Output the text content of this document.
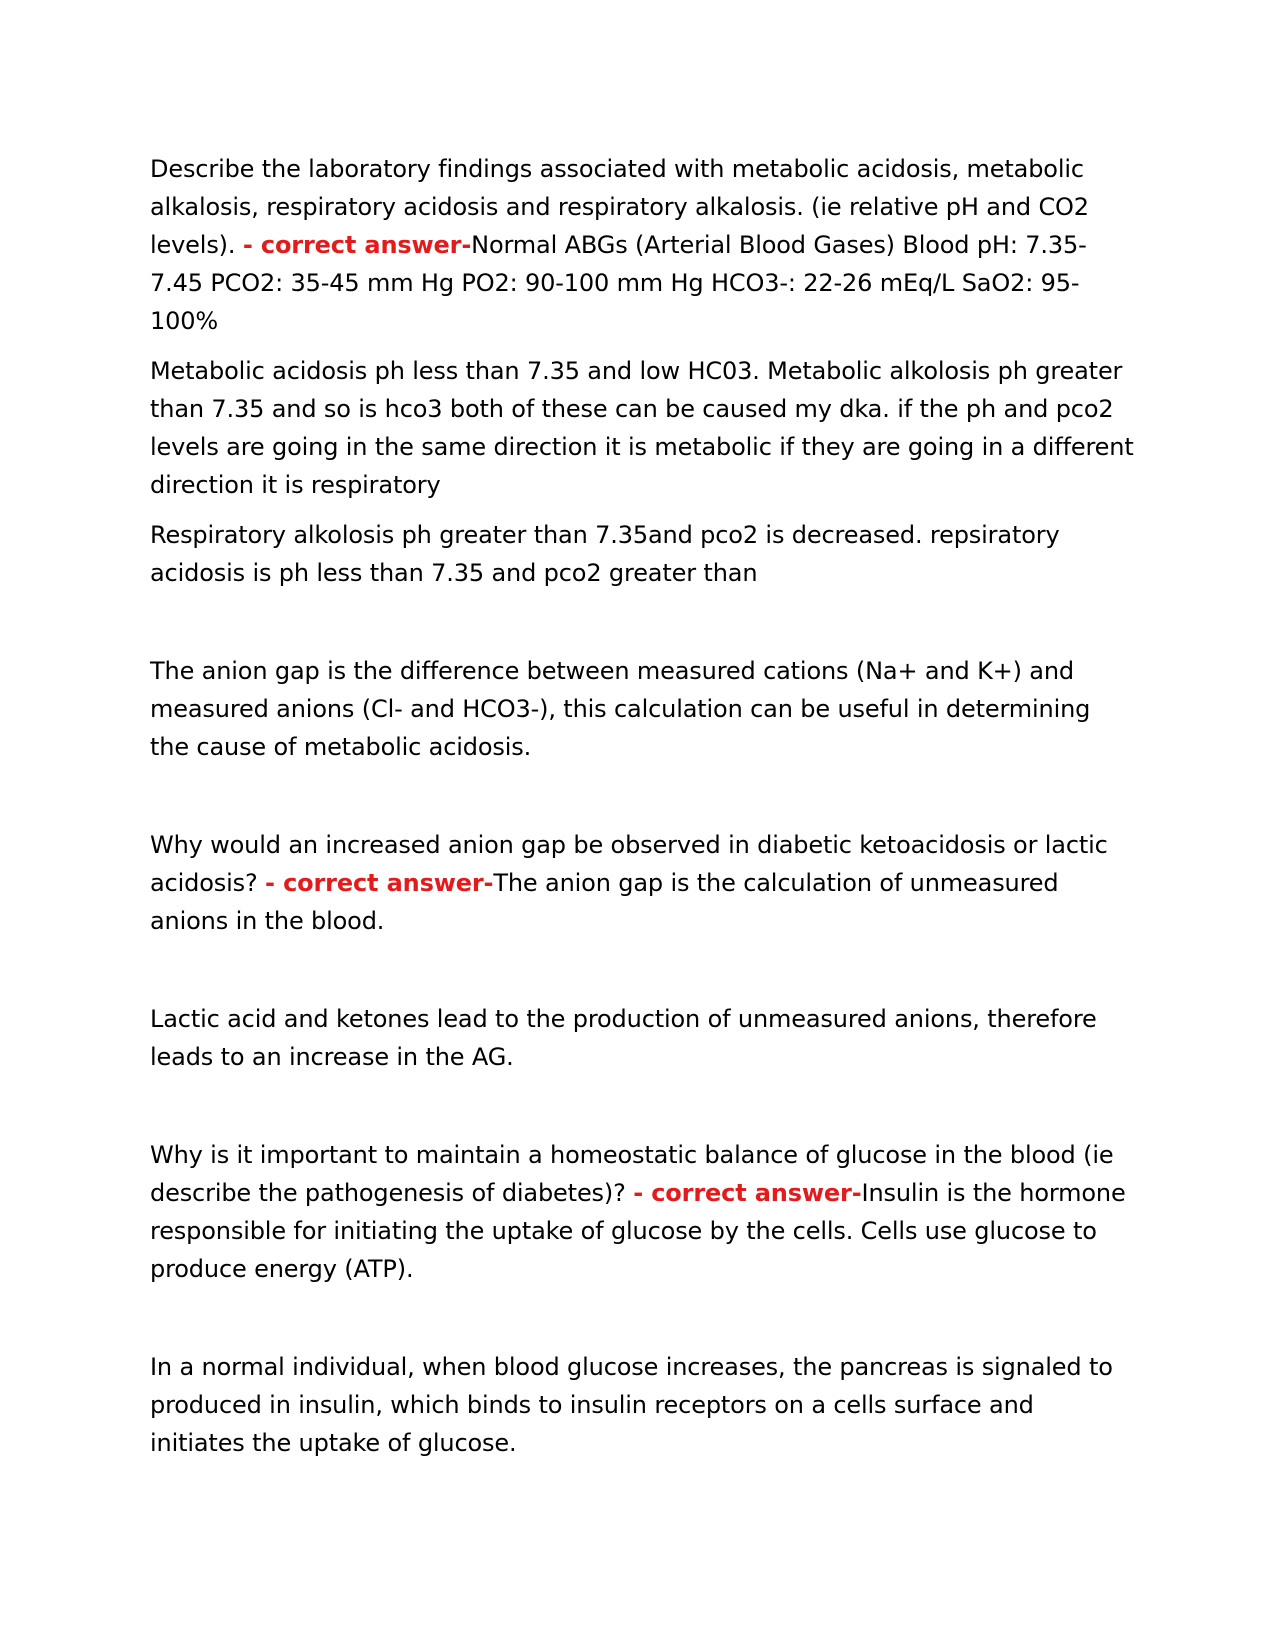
Describe the laboratory findings associated with metabolic acidosis, metabolic alkalosis, respiratory acidosis and respiratory alkalosis. (ie relative pH and CO2 levels). - correct answer-Normal ABGs (Arterial Blood Gases) Blood pH: 7.35-7.45 PCO2: 35-45 mm Hg PO2: 90-100 mm Hg HCO3-: 22-26 mEq/L SaO2: 95-100%

Metabolic acidosis ph less than 7.35 and low HC03. Metabolic alkolosis ph greater than 7.35 and so is hco3 both of these can be caused my dka. if the ph and pco2 levels are going in the same direction it is metabolic if they are going in a different direction it is respiratory

Respiratory alkolosis ph greater than 7.35and pco2 is decreased. repsiratory acidosis is ph less than 7.35 and pco2 greater than

The anion gap is the difference between measured cations (Na+ and K+) and measured anions (Cl- and HCO3-), this calculation can be useful in determining the cause of metabolic acidosis.

Why would an increased anion gap be observed in diabetic ketoacidosis or lactic acidosis? - correct answer-The anion gap is the calculation of unmeasured anions in the blood.

Lactic acid and ketones lead to the production of unmeasured anions, therefore leads to an increase in the AG.

Why is it important to maintain a homeostatic balance of glucose in the blood (ie describe the pathogenesis of diabetes)? - correct answer-Insulin is the hormone responsible for initiating the uptake of glucose by the cells. Cells use glucose to produce energy (ATP).

In a normal individual, when blood glucose increases, the pancreas is signaled to produced in insulin, which binds to insulin receptors on a cells surface and initiates the uptake of glucose.
